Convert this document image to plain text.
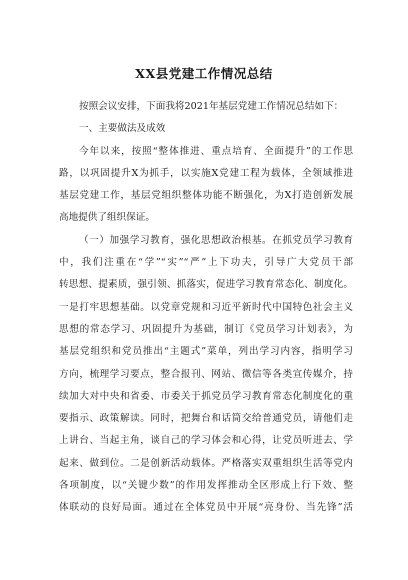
XX县党建工作情况总结
按照会议安排，下面我将2021年基层党建工作情况总结如下：
一、主要做法及成效
今年以来，按照“整体推进、重点培育、全面提升”的工作思
路，以巩固提升X为抓手，以实施X党建工程为载体，全领域推进
基层党建工作，基层党组织整体功能不断强化，为X打造创新发展
高地提供了组织保证。
（一）加强学习教育，强化思想政治根基。在抓党员学习教育
中，我们注重在“学”“实”“严”上下功夫，引导广大党员干部
转思想、提素质，强引领、抓落实，促进学习教育常态化、制度化。
一是打牢思想基础。以党章党规和习近平新时代中国特色社会主义
思想的常态学习、巩固提升为基础，制订《党员学习计划表》，为
基层党组织和党员推出“主题式”菜单，列出学习内容，指明学习
方向，梳理学习要点，整合报刊、网站、微信等各类宣传媒介，持
续加大对中央和省委、市委关于抓党员学习教育常态化制度化的重
要指示、政策解读。同时，把舞台和话筒交给普通党员，请他们走
上讲台、当起主角，谈自己的学习体会和心得，让党员听进去、学
起来、做到位。二是创新活动载体。严格落实双重组织生活等党内
各项制度，以“关键少数”的作用发挥推动全区形成上行下效、整
体联动的良好局面。通过在全体党员中开展“亮身份、当先锋”活
